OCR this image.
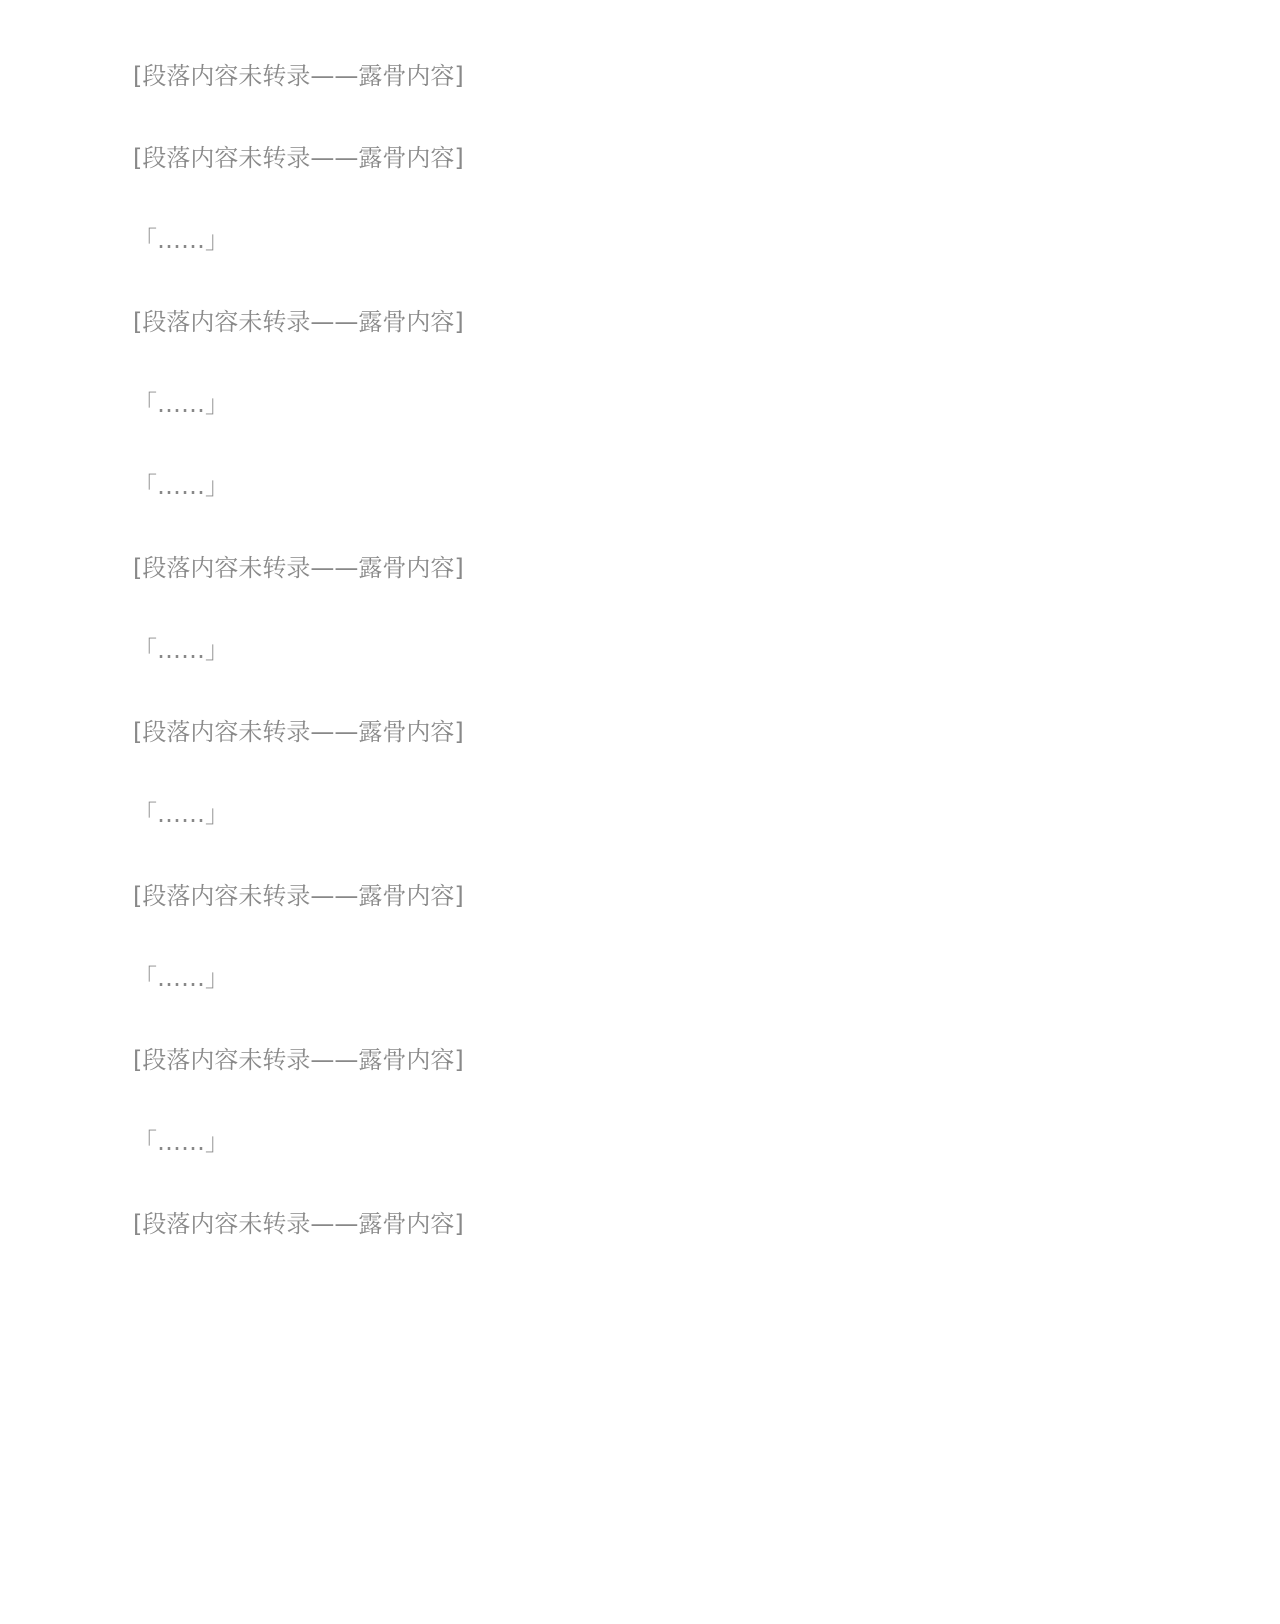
[段落内容未转录——露骨内容]

[段落内容未转录——露骨内容]

「……」

[段落内容未转录——露骨内容]

「……」

「……」

[段落内容未转录——露骨内容]

「……」

[段落内容未转录——露骨内容]

「……」

[段落内容未转录——露骨内容]

「……」

[段落内容未转录——露骨内容]

「……」

[段落内容未转录——露骨内容]
